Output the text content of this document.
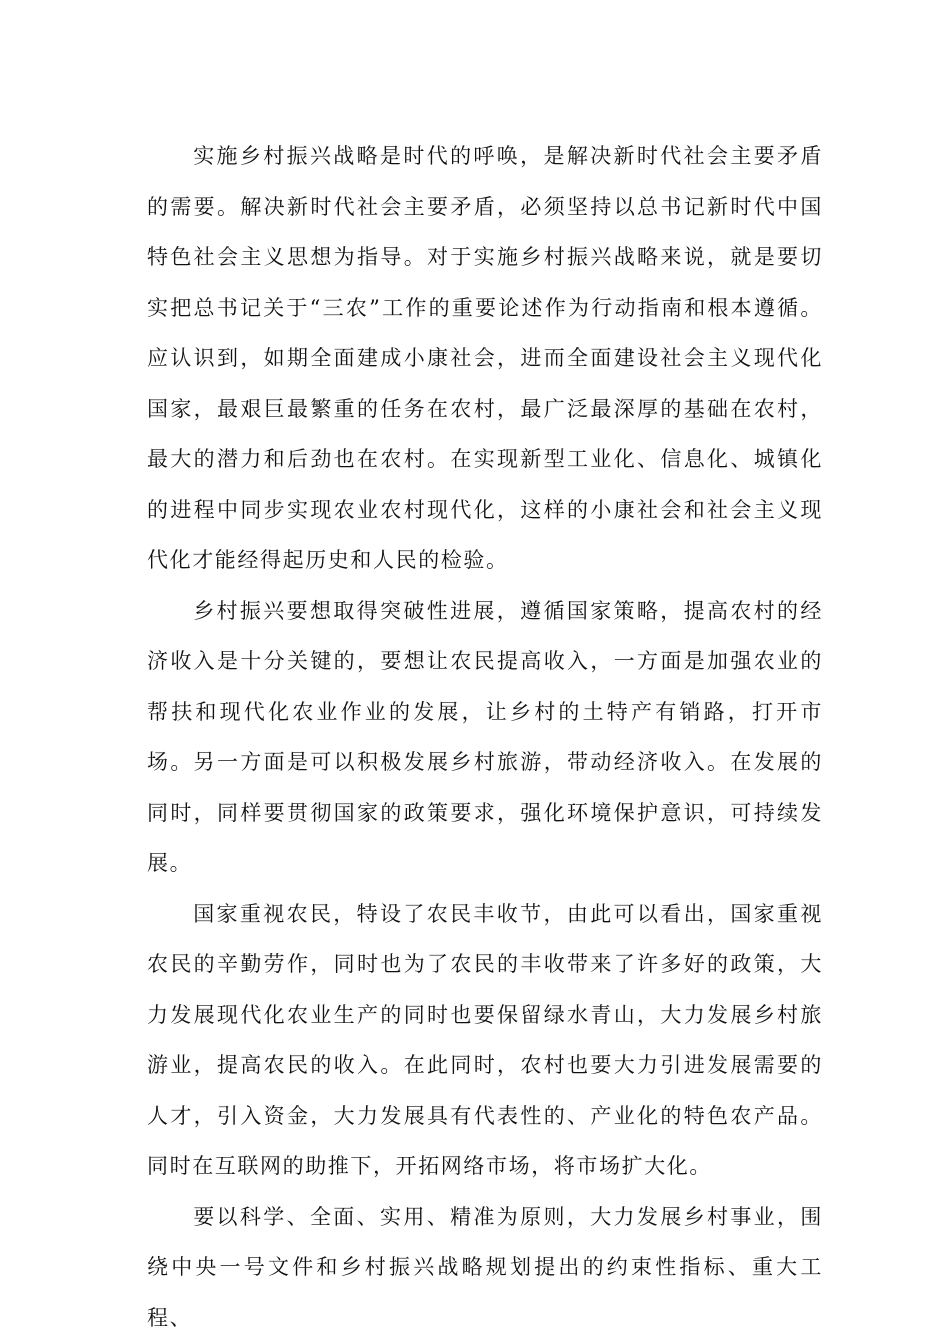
实施乡村振兴战略是时代的呼唤，是解决新时代社会主要矛盾的需要。解决新时代社会主要矛盾，必须坚持以总书记新时代中国特色社会主义思想为指导。对于实施乡村振兴战略来说，就是要切实把总书记关于“三农”工作的重要论述作为行动指南和根本遵循。应认识到，如期全面建成小康社会，进而全面建设社会主义现代化国家，最艰巨最繁重的任务在农村，最广泛最深厚的基础在农村，最大的潜力和后劲也在农村。在实现新型工业化、信息化、城镇化的进程中同步实现农业农村现代化，这样的小康社会和社会主义现代化才能经得起历史和人民的检验。

乡村振兴要想取得突破性进展，遵循国家策略，提高农村的经济收入是十分关键的，要想让农民提高收入，一方面是加强农业的帮扶和现代化农业作业的发展，让乡村的土特产有销路，打开市场。另一方面是可以积极发展乡村旅游，带动经济收入。在发展的同时，同样要贯彻国家的政策要求，强化环境保护意识，可持续发展。

国家重视农民，特设了农民丰收节，由此可以看出，国家重视农民的辛勤劳作，同时也为了农民的丰收带来了许多好的政策，大力发展现代化农业生产的同时也要保留绿水青山，大力发展乡村旅游业，提高农民的收入。在此同时，农村也要大力引进发展需要的人才，引入资金，大力发展具有代表性的、产业化的特色农产品。同时在互联网的助推下，开拓网络市场，将市场扩大化。

要以科学、全面、实用、精准为原则，大力发展乡村事业，围绕中央一号文件和乡村振兴战略规划提出的约束性指标、重大工程、
